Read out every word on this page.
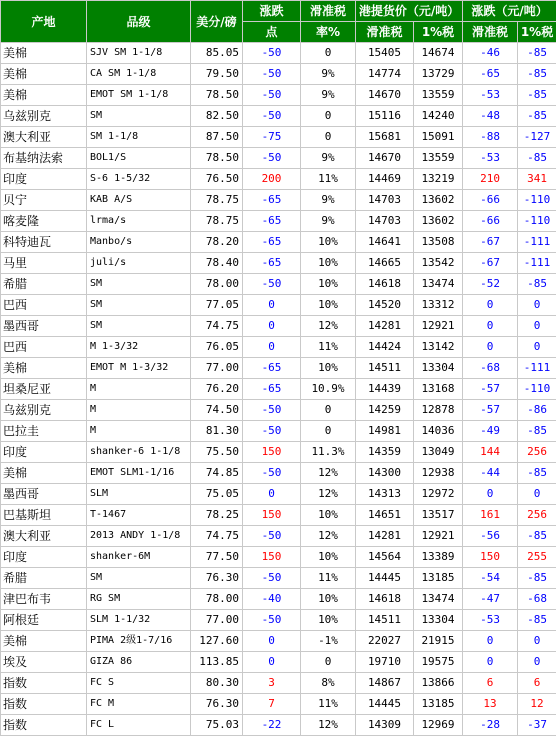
产地	品级	美分/磅	涨跌	滑准税	港提货价（元/吨）		涨跌（元/吨）	
			点	率%	滑准税	1%税	滑准税	1%税
美棉	SJV SM 1-1/8	85.05	-50	0	15405	14674	-46	-85
美棉	CA SM 1-1/8	79.50	-50	9%	14774	13729	-65	-85
美棉	EMOT SM 1-1/8	78.50	-50	9%	14670	13559	-53	-85
乌兹别克	SM	82.50	-50	0	15116	14240	-48	-85
澳大利亚	SM 1-1/8	87.50	-75	0	15681	15091	-88	-127
布基纳法索	BOL1/S	78.50	-50	9%	14670	13559	-53	-85
印度	S-6 1-5/32	76.50	200	11%	14469	13219	210	341
贝宁	KAB A/S	78.75	-65	9%	14703	13602	-66	-110
喀麦隆	lrma/s	78.75	-65	9%	14703	13602	-66	-110
科特迪瓦	Manbo/s	78.20	-65	10%	14641	13508	-67	-111
马里	juli/s	78.40	-65	10%	14665	13542	-67	-111
希腊	SM	78.00	-50	10%	14618	13474	-52	-85
巴西	SM	77.05	0	10%	14520	13312	0	0
墨西哥	SM	74.75	0	12%	14281	12921	0	0
巴西	M 1-3/32	76.05	0	11%	14424	13142	0	0
美棉	EMOT M 1-3/32	77.00	-65	10%	14511	13304	-68	-111
坦桑尼亚	M	76.20	-65	10.9%	14439	13168	-57	-110
乌兹别克	M	74.50	-50	0	14259	12878	-57	-86
巴拉圭	M	81.30	-50	0	14981	14036	-49	-85
印度	shanker-6 1-1/8	75.50	150	11.3%	14359	13049	144	256
美棉	EMOT SLM1-1/16	74.85	-50	12%	14300	12938	-44	-85
墨西哥	SLM	75.05	0	12%	14313	12972	0	0
巴基斯坦	T-1467	78.25	150	10%	14651	13517	161	256
澳大利亚	2013 ANDY 1-1/8	74.75	-50	12%	14281	12921	-56	-85
印度	shanker-6M	77.50	150	10%	14564	13389	150	255
希腊	SM	76.30	-50	11%	14445	13185	-54	-85
津巴布韦	RG SM	78.00	-40	10%	14618	13474	-47	-68
阿根廷	SLM 1-1/32	77.00	-50	10%	14511	13304	-53	-85
美棉	PIMA 2级1-7/16	127.60	0	-1%	22027	21915	0	0
埃及	GIZA 86	113.85	0	0	19710	19575	0	0
指数	FC S	80.30	3	8%	14867	13866	6	6
指数	FC M	76.30	7	11%	14445	13185	13	12
指数	FC L	75.03	-22	12%	14309	12969	-28	-37
